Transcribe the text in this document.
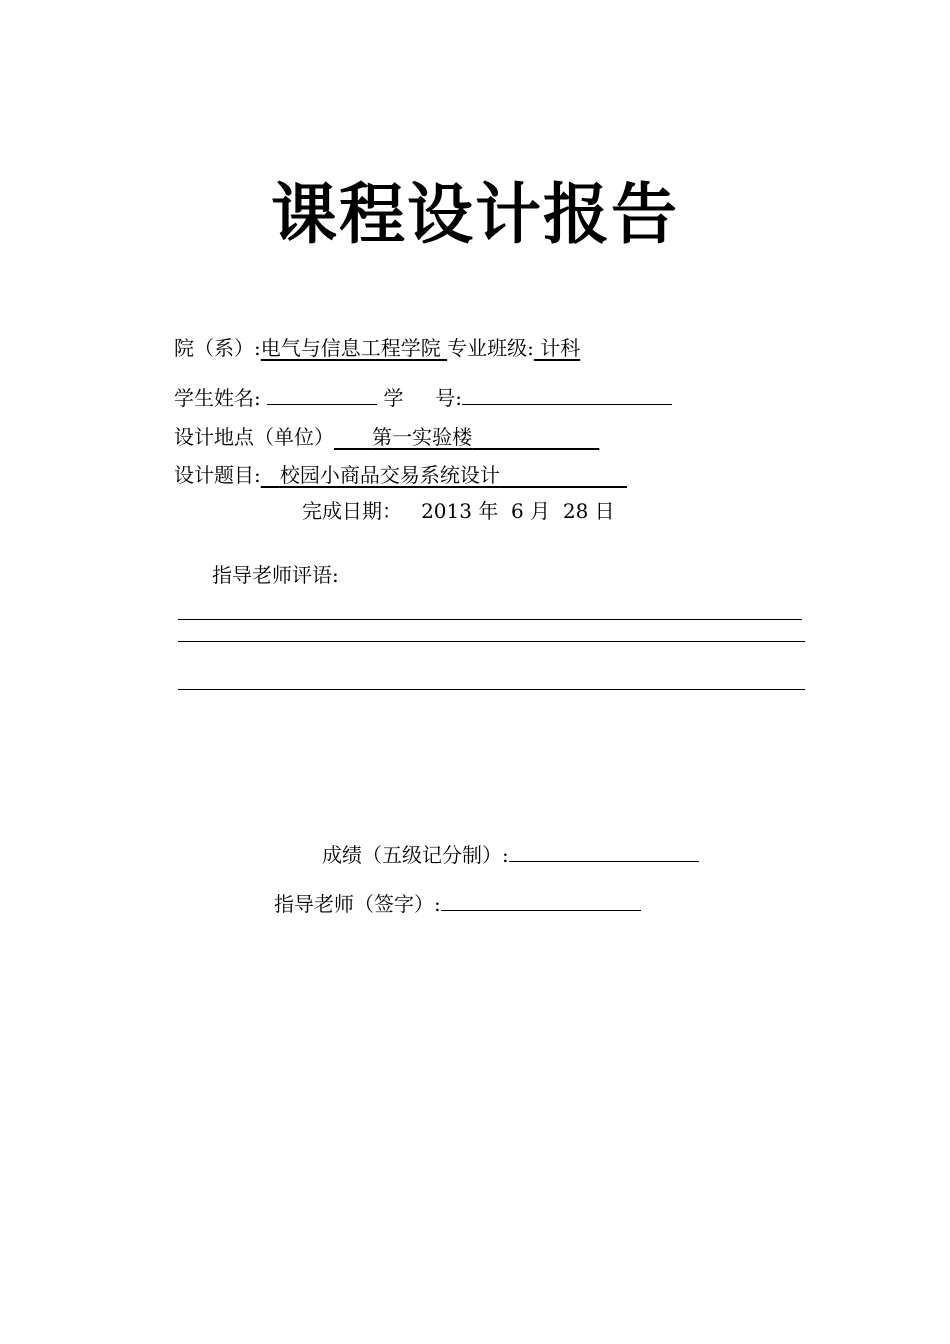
课程设计报告
院（系）:电气与信息工程学院 专业班级: 计科
学生姓名:	学     号:
设计地点（单位） 第一实验楼
设计题目: 校园小商品交易系统设计
完成日期： 2013 年  6 月  28 日
指导老师评语:
成绩（五级记分制）:
指导老师（签字）:
